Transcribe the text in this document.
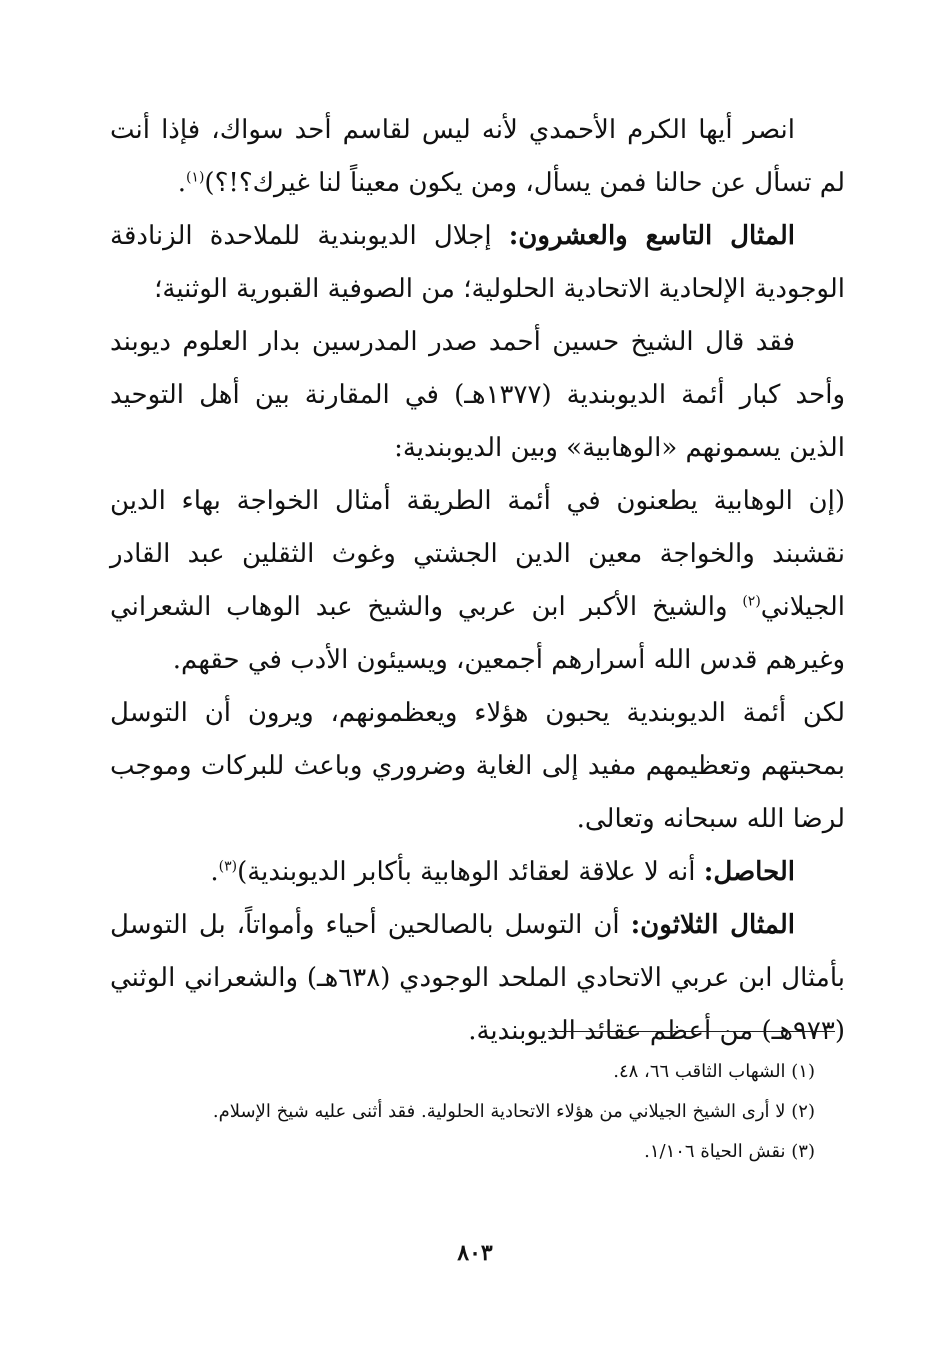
انصر أيها الكرم الأحمدي لأنه ليس لقاسم أحد سواك، فإذا أنت لم تسأل عن حالنا فمن يسأل، ومن يكون معيناً لنا غيرك؟!؟)$^{(١)}$.

المثال التاسع والعشرون: إجلال الديوبندية للملاحدة الزنادقة الوجودية الإلحادية الاتحادية الحلولية؛ من الصوفية القبورية الوثنية؛

فقد قال الشيخ حسين أحمد صدر المدرسين بدار العلوم ديوبند وأحد كبار أئمة الديوبندية (١٣٧٧هـ) في المقارنة بين أهل التوحيد الذين يسمونهم «الوهابية» وبين الديوبندية:

(إن الوهابية يطعنون في أئمة الطريقة أمثال الخواجة بهاء الدين نقشبند والخواجة معين الدين الجشتي وغوث الثقلين عبد القادر الجيلاني$^{(٢)}$ والشيخ الأكبر ابن عربي والشيخ عبد الوهاب الشعراني وغيرهم قدس الله أسرارهم أجمعين، ويسيئون الأدب في حقهم.

لكن أئمة الديوبندية يحبون هؤلاء ويعظمونهم، ويرون أن التوسل بمحبتهم وتعظيمهم مفيد إلى الغاية وضروري وباعث للبركات وموجب لرضا الله سبحانه وتعالى.

الحاصل: أنه لا علاقة لعقائد الوهابية بأكابر الديوبندية)$^{(٣)}$.

المثال الثلاثون: أن التوسل بالصالحين أحياء وأمواتاً، بل التوسل بأمثال ابن عربي الاتحادي الملحد الوجودي (٦٣٨هـ) والشعراني الوثني (٩٧٣هـ) من أعظم عقائد الديوبندية.

(١) الشهاب الثاقب ٦٦، ٤٨.

(٢) لا أرى الشيخ الجيلاني من هؤلاء الاتحادية الحلولية. فقد أثنى عليه شيخ الإسلام.

(٣) نقش الحياة ١/١٠٦.

٨٠٣
